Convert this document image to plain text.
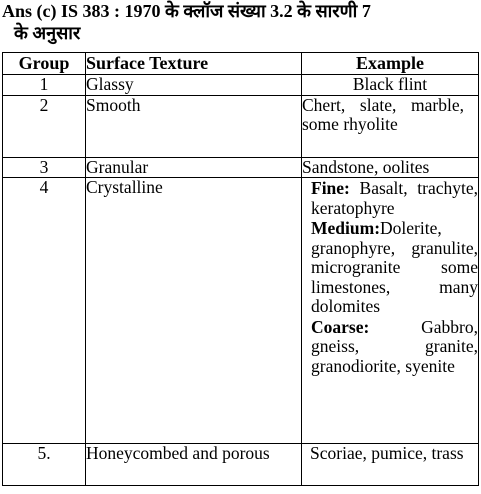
Ans (c) IS 383 : 1970 के क्लॉज संख्या 3.2 के सारणी 7
के अनुसार
Group	Surface Texture	Example
1	Glassy	Black flint
2	Smooth	Chert, slate, marble, some rhyolite

3	Granular	Sandstone, oolites
4	Crystalline	Fine: Basalt, trachyte, keratophyre
Medium:Dolerite, granophyre, granulite, microgranite some limestones, many dolomites
Coarse: Gabbro, gneiss, granite, granodiorite, syenite

5.	Honeycombed and porous	Scoriae, pumice, trass
